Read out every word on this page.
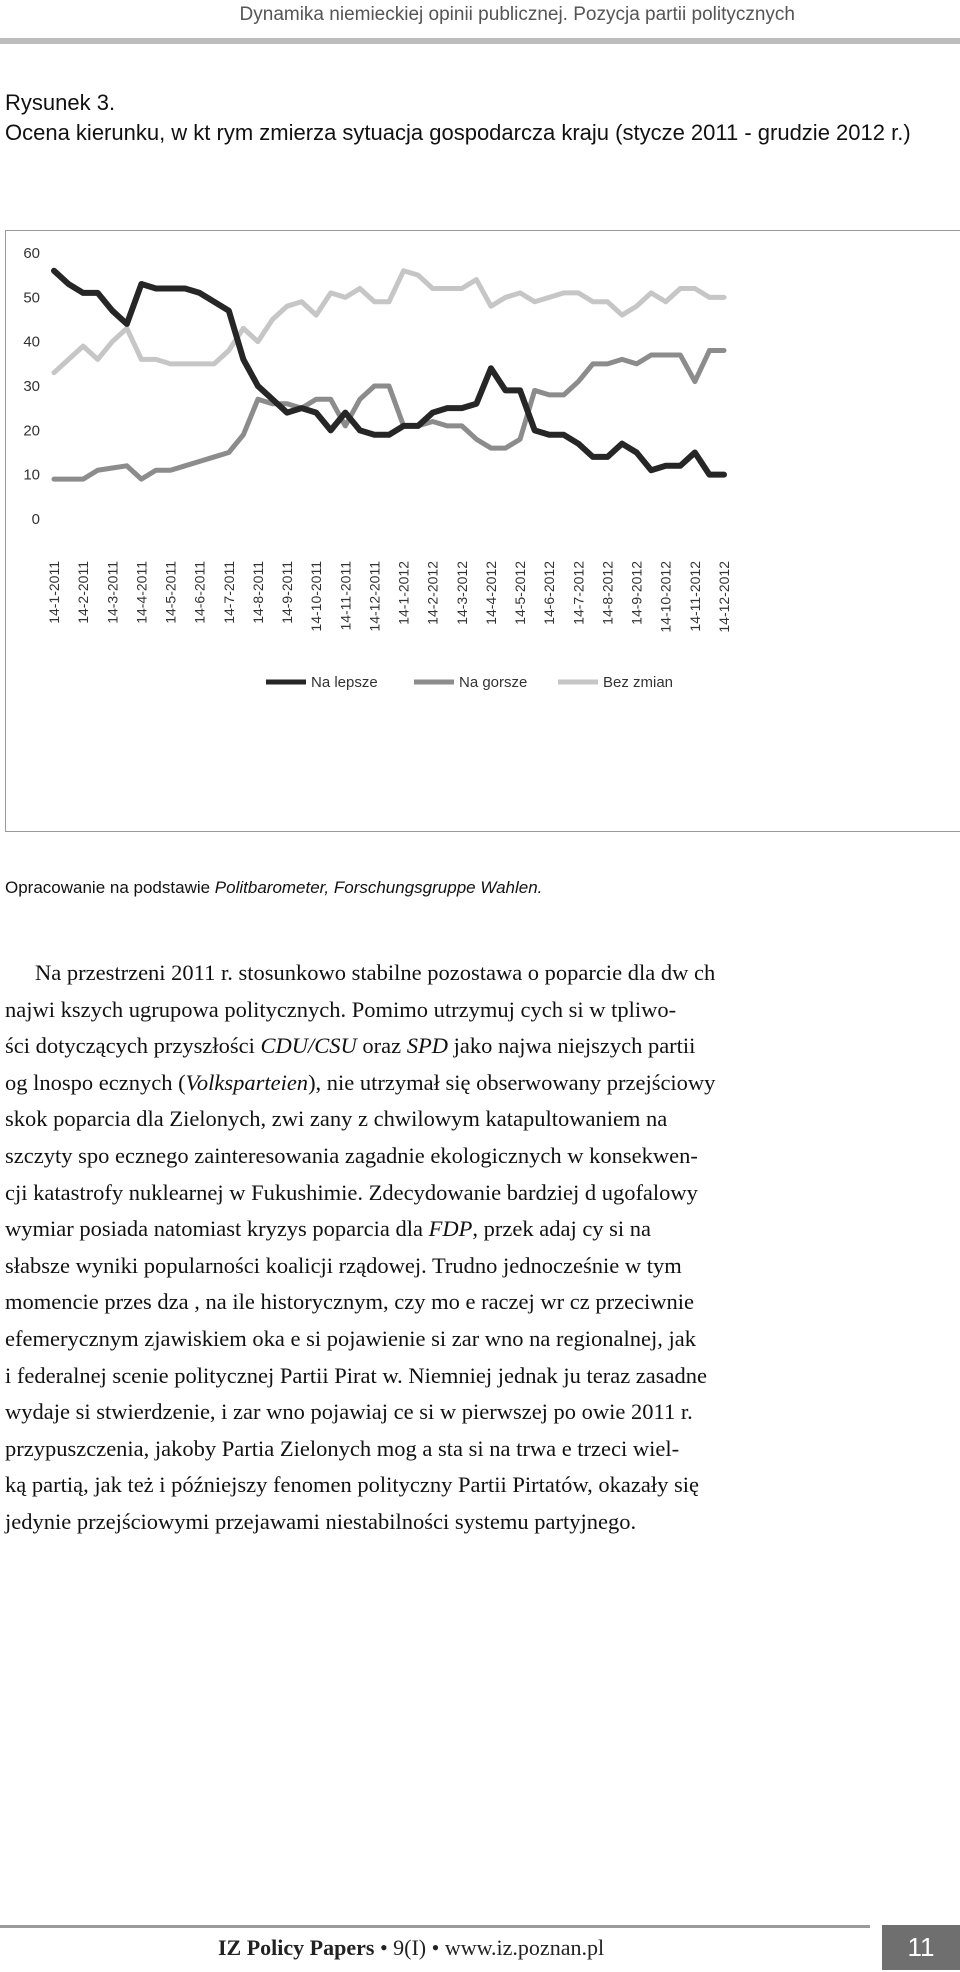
Dynamika niemieckiej opinii publicznej. Pozycja partii politycznych
Rysunek 3.
Ocena kierunku, w kt rym zmierza sytuacja gospodarcza kraju (stycze 2011 - grudzie 2012 r.)
0
10
20
30
40
50
60
14-1-2011 14-2-2011 14-3-2011 14-4-2011 14-5-2011 14-6-2011 14-7-2011 14-8-2011 14-9-2011 14-10-2011 14-11-2011 14-12-2011 14-1-2012 14-2-2012 14-3-2012 14-4-2012 14-5-2012 14-6-2012 14-7-2012 14-8-2012 14-9-2012 14-10-2012 14-11-2012 14-12-2012
Na lepsze	Na gorsze	Bez zmian
Opracowanie na podstawie Politbarometer, Forschungsgruppe Wahlen.

Na przestrzeni 2011 r. stosunkowo stabilne pozostawa o poparcie dla dw ch
najwi kszych ugrupowa politycznych. Pomimo utrzymuj cych si w tpliwo-
ści dotyczących przyszłości CDU/CSU oraz SPD jako najwa niejszych partii
og lnospo ecznych (Volksparteien), nie utrzymał się obserwowany przejściowy
skok poparcia dla Zielonych, zwi zany z chwilowym katapultowaniem na
szczyty spo ecznego zainteresowania zagadnie ekologicznych w konsekwen-
cji katastrofy nuklearnej w Fukushimie. Zdecydowanie bardziej d ugofalowy
wymiar posiada natomiast kryzys poparcia dla FDP, przek adaj cy si na
słabsze wyniki popularności koalicji rządowej. Trudno jednocześnie w tym
momencie przes dza , na ile historycznym, czy mo e raczej wr cz przeciwnie
efemerycznym zjawiskiem oka e si pojawienie si zar wno na regionalnej, jak
i federalnej scenie politycznej Partii Pirat w. Niemniej jednak ju teraz zasadne
wydaje si stwierdzenie, i zar wno pojawiaj ce si w pierwszej po owie 2011 r.
przypuszczenia, jakoby Partia Zielonych mog a sta si na trwa e trzeci wiel-
ką partią, jak też i późniejszy fenomen polityczny Partii Pirtatów, okazały się
jedynie przejściowymi przejawami niestabilności systemu partyjnego.

IZ Policy Papers • 9(I) • www.iz.poznan.pl	11
